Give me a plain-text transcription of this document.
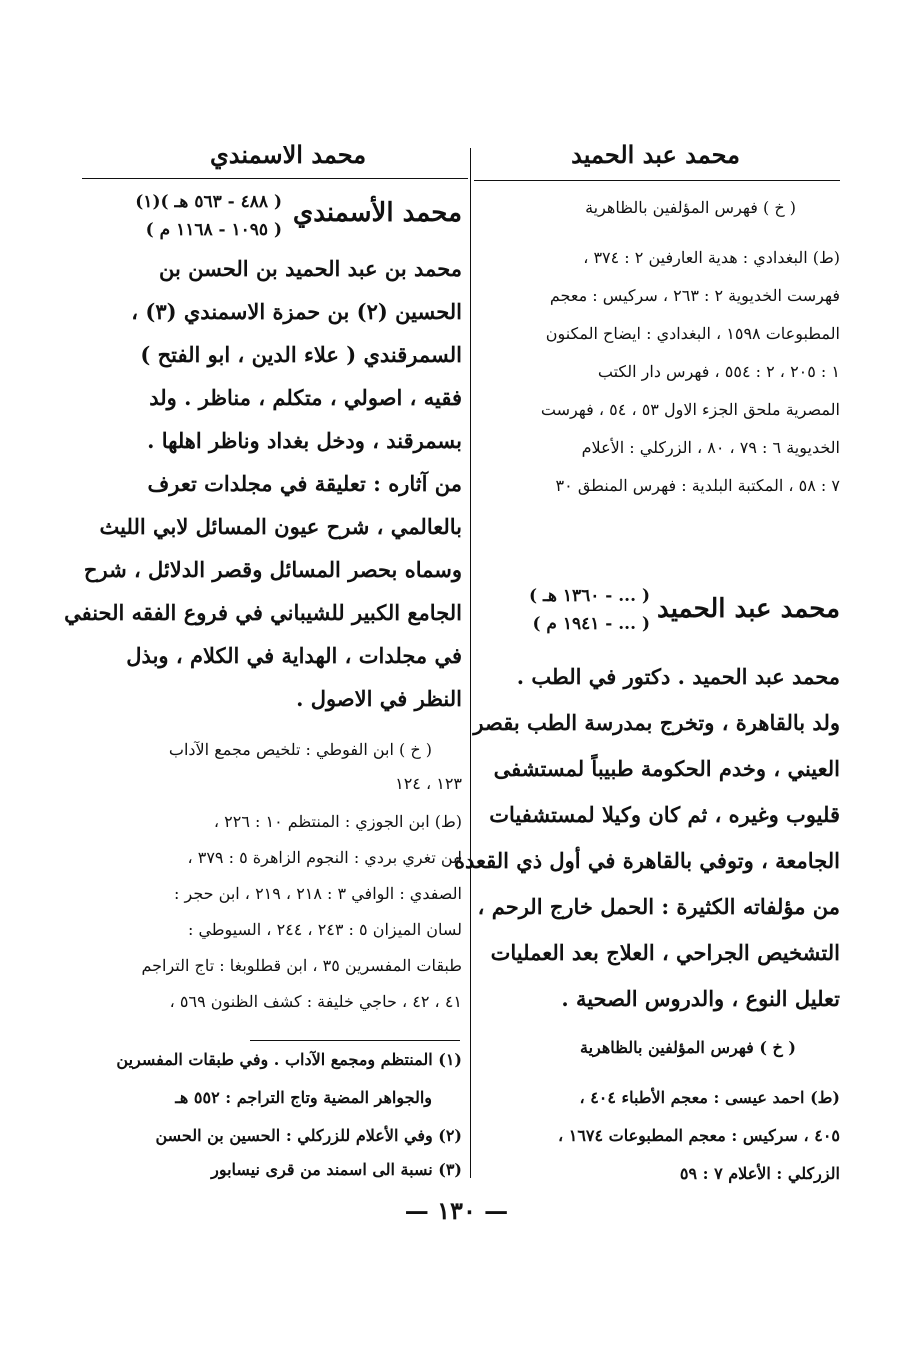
محمد عبد الحميد
محمد الاسمندي
( خ ) فهرس المؤلفين بالظاهرية
(ط) البغدادي : هدية العارفين ٢ : ٣٧٤ ،
فهرست الخديوية ٢ : ٢٦٣ ، سركيس : معجم
المطبوعات ١٥٩٨ ، البغدادي : ايضاح المكنون
١ : ٢٠٥ ، ٢ : ٥٥٤ ، فهرس دار الكتب
المصرية ملحق الجزء الاول ٥٣ ، ٥٤ ، فهرست
الخديوية ٦ : ٧٩ ، ٨٠ ، الزركلي : الأعلام
٧ : ٥٨ ، المكتبة البلدية : فهرس المنطق ٣٠
محمد عبد الحميد
( ... - ١٣٦٠ هـ )
( ... - ١٩٤١ م )
محمد عبد الحميد . دكتور في الطب .
ولد بالقاهرة ، وتخرج بمدرسة الطب بقصر
العيني ، وخدم الحكومة طبيباً لمستشفى
قليوب وغيره ، ثم كان وكيلا لمستشفيات
الجامعة ، وتوفي بالقاهرة في أول ذي القعدة
من مؤلفاته الكثيرة : الحمل خارج الرحم ،
التشخيص الجراحي ، العلاج بعد العمليات
تعليل النوع ، والدروس الصحية .
( خ ) فهرس المؤلفين بالظاهرية
(ط) احمد عيسى : معجم الأطباء ٤٠٤ ،
٤٠٥ ، سركيس : معجم المطبوعات ١٦٧٤ ،
الزركلي : الأعلام ٧ : ٥٩
محمد الأسمندي
( ٤٨٨ - ٥٦٣ هـ )(١)
( ١٠٩٥ - ١١٦٨ م )
محمد بن عبد الحميد بن الحسن بن
الحسين (٢) بن حمزة الاسمندي (٣) ،
السمرقندي ( علاء الدين ، ابو الفتح )
فقيه ، اصولي ، متكلم ، مناظر . ولد
بسمرقند ، ودخل بغداد وناظر اهلها .
من آثاره : تعليقة في مجلدات تعرف
بالعالمي ، شرح عيون المسائل لابي الليث
وسماه بحصر المسائل وقصر الدلائل ، شرح
الجامع الكبير للشيباني في فروع الفقه الحنفي
في مجلدات ، الهداية في الكلام ، وبذل
النظر في الاصول .
( خ ) ابن الفوطي : تلخيص مجمع الآداب
١٢٣ ، ١٢٤
(ط) ابن الجوزي : المنتظم ١٠ : ٢٢٦ ،
ابن تغري بردي : النجوم الزاهرة ٥ : ٣٧٩ ،
الصفدي : الوافي ٣ : ٢١٨ ، ٢١٩ ، ابن حجر :
لسان الميزان ٥ : ٢٤٣ ، ٢٤٤ ، السيوطي :
طبقات المفسرين ٣٥ ، ابن قطلوبغا : تاج التراجم
٤١ ، ٤٢ ، حاجي خليفة : كشف الظنون ٥٦٩ ،
(١) المنتظم ومجمع الآداب . وفي طبقات المفسرين
والجواهر المضية وتاج التراجم : ٥٥٢ هـ
(٢) وفي الأعلام للزركلي : الحسين بن الحسن
(٣) نسبة الى اسمند من قرى نيسابور
— ١٣٠ —
